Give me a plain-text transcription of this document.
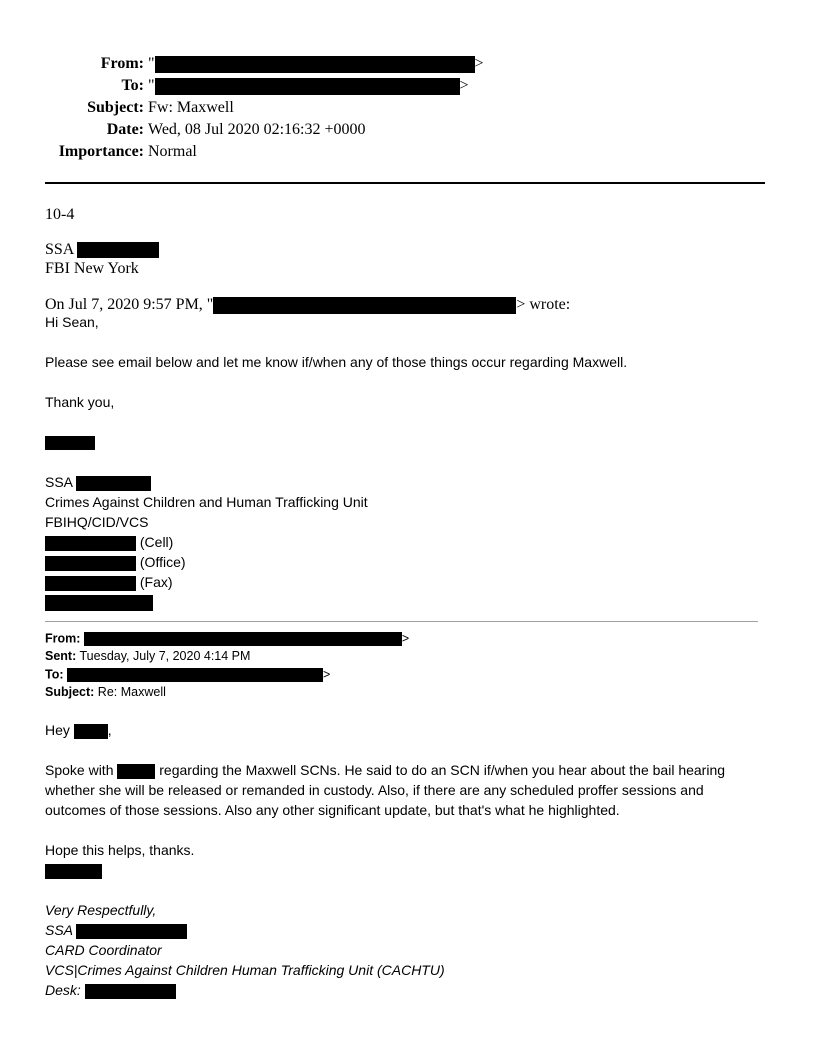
From: "	>
To: "	>
Subject: Fw: Maxwell
Date: Wed, 08 Jul 2020 02:16:32 +0000
Importance: Normal
10-4
SSA
FBI New York
On Jul 7, 2020 9:57 PM, "	> wrote:
Hi Sean,
Please see email below and let me know if/when any of those things occur regarding Maxwell.
Thank you,
SSA
Crimes Against Children and Human Trafficking Unit
FBIHQ/CID/VCS
(Cell)
(Office)
(Fax)
From:	>
Sent: Tuesday, July 7, 2020 4:14 PM
To:	>
Subject: Re: Maxwell
Hey	,
Spoke with	regarding the Maxwell SCNs. He said to do an SCN if/when you hear about the bail hearing
whether she will be released or remanded in custody. Also, if there are any scheduled proffer sessions and
outcomes of those sessions. Also any other significant update, but that's what he highlighted.
Hope this helps, thanks.
Very Respectfully,
SSA
CARD Coordinator
VCS|Crimes Against Children Human Trafficking Unit (CACHTU)
Desk:
